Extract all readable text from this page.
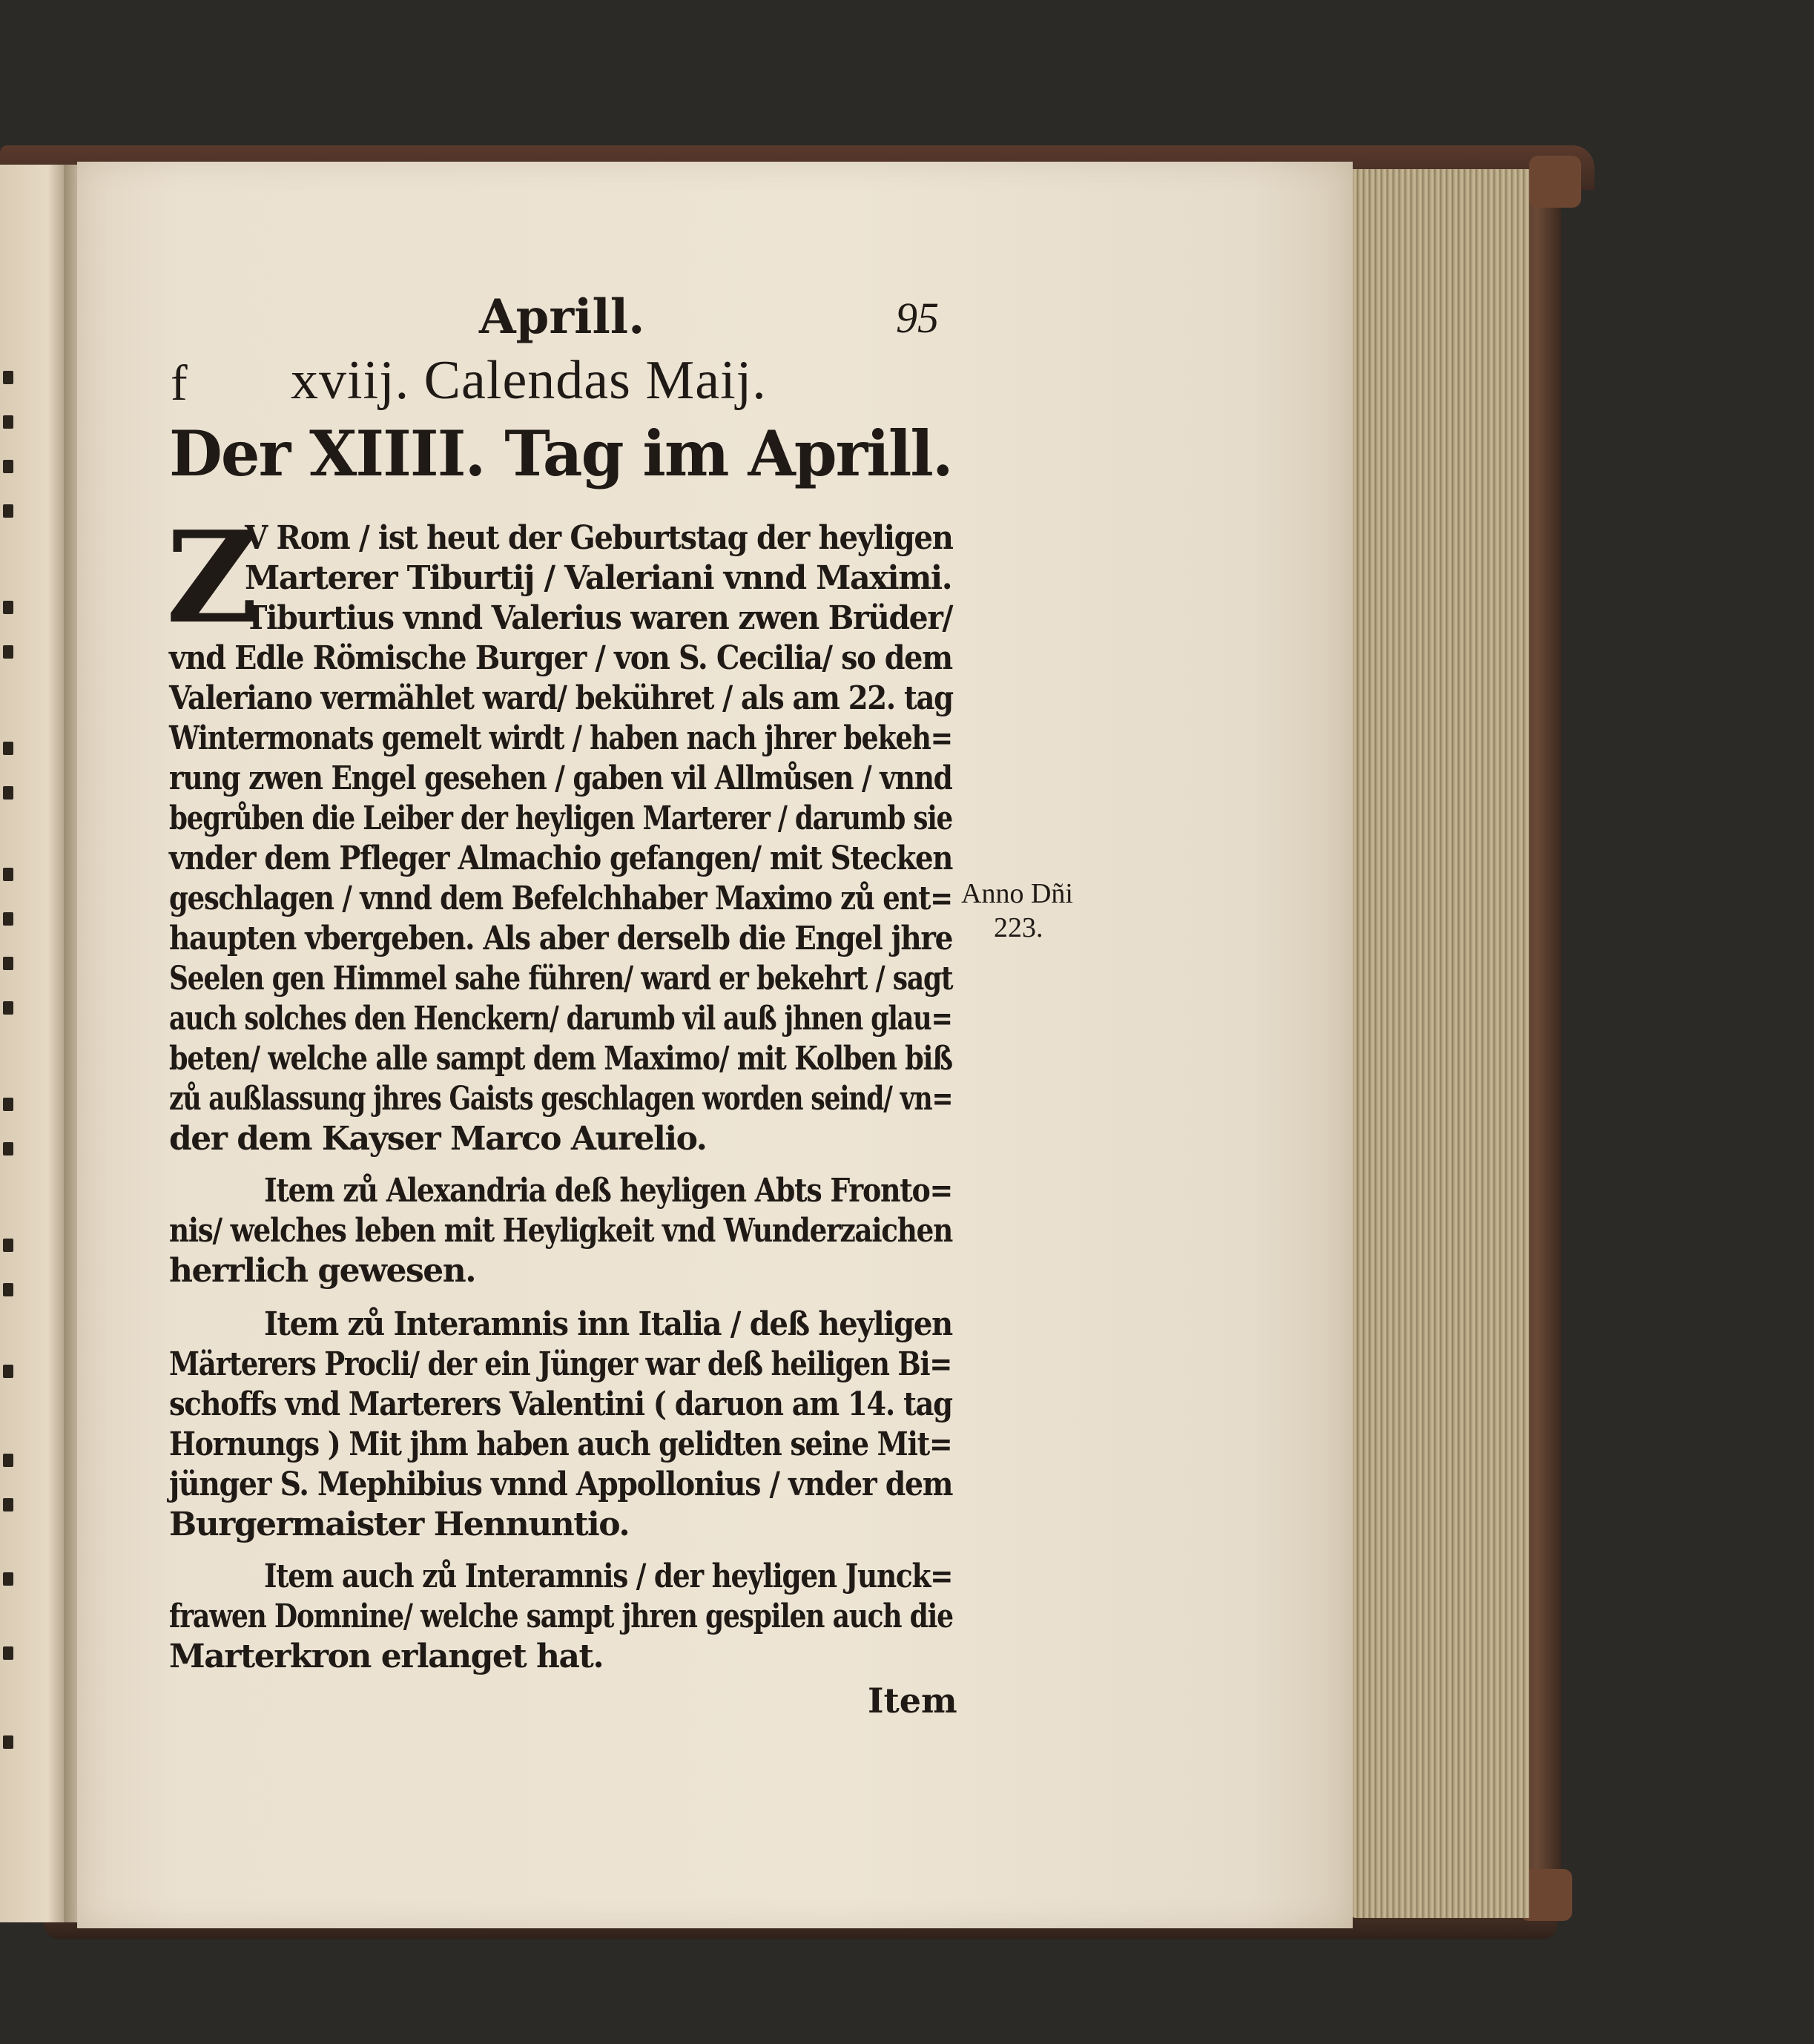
Aprill.	95
f xviij. Calendas Maij.
Der XIIII. Tag im Aprill.
Z
V Rom / ist heut der Geburtstag der heyligen
Marterer Tiburtij / Valeriani vnnd Maximi.
Tiburtius vnnd Valerius waren zwen Brüder/
vnd Edle Römische Burger / von S. Cecilia/ so dem
Valeriano vermählet ward/ bekühret / als am 22. tag
Wintermonats gemelt wirdt / haben nach jhrer bekeh=
rung zwen Engel gesehen / gaben vil Allmůsen / vnnd
begrůben die Leiber der heyligen Marterer / darumb sie
vnder dem Pfleger Almachio gefangen/ mit Stecken
geschlagen / vnnd dem Befelchhaber Maximo zů ent=
haupten vbergeben. Als aber derselb die Engel jhre
Seelen gen Himmel sahe führen/ ward er bekehrt / sagt
auch solches den Henckern/ darumb vil auß jhnen glau=
beten/ welche alle sampt dem Maximo/ mit Kolben biß
zů außlassung jhres Gaists geschlagen worden seind/ vn=
der dem Kayser Marco Aurelio.
Item zů Alexandria deß heyligen Abts Fronto=
nis/ welches leben mit Heyligkeit vnd Wunderzaichen
herrlich gewesen.
Item zů Interamnis inn Italia / deß heyligen
Märterers Procli/ der ein Jünger war deß heiligen Bi=
schoffs vnd Marterers Valentini ( daruon am 14. tag
Hornungs ) Mit jhm haben auch gelidten seine Mit=
jünger S. Mephibius vnnd Appollonius / vnder dem
Burgermaister Hennuntio.
Item auch zů Interamnis / der heyligen Junck=
frawen Domnine/ welche sampt jhren gespilen auch die
Marterkron erlanget hat.
Anno Dñi
223.
Item
